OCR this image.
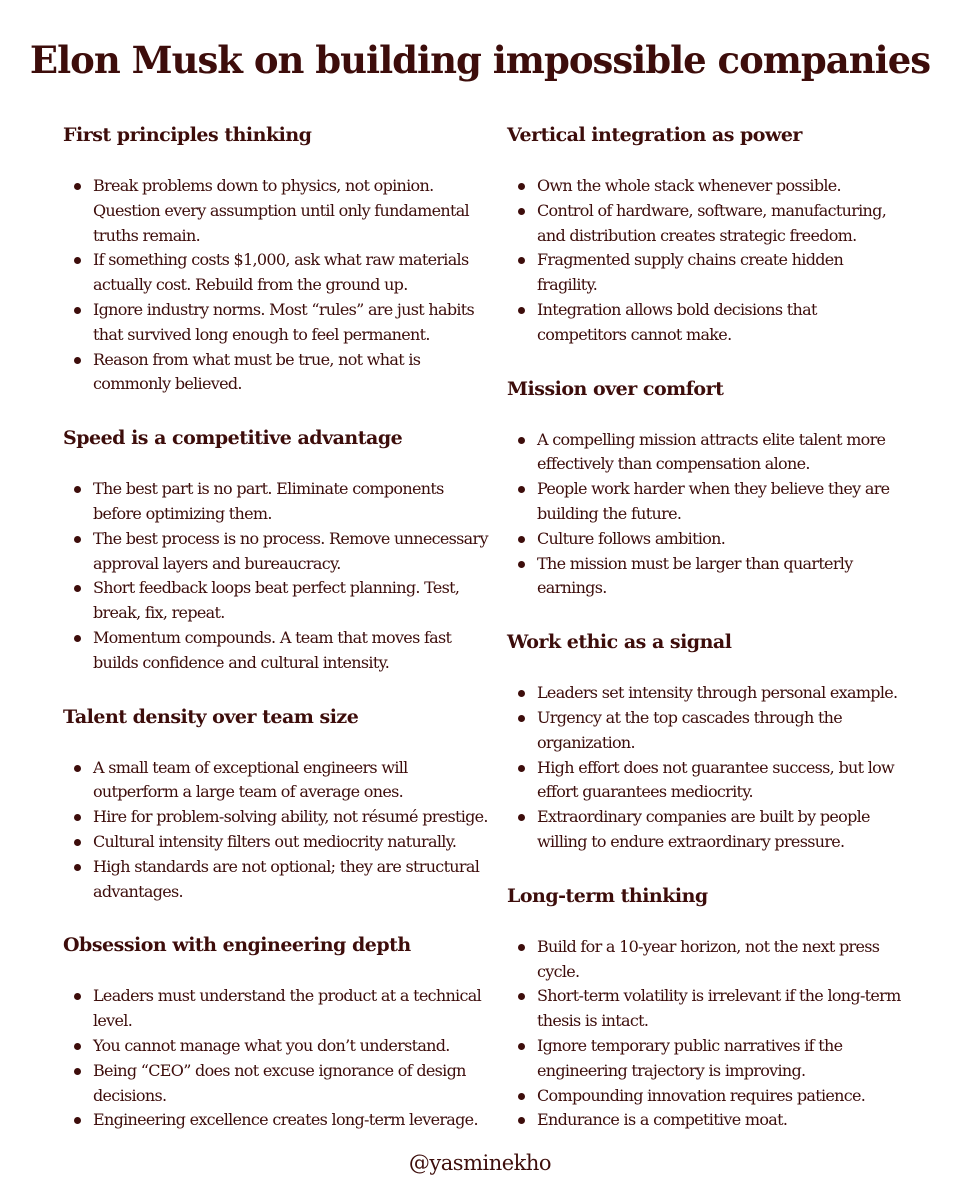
Elon Musk on building impossible companies
First principles thinking
Break problems down to physics, not opinion. Question every assumption until only fundamental truths remain.
If something costs $1,000, ask what raw materials actually cost. Rebuild from the ground up.
Ignore industry norms. Most “rules” are just habits that survived long enough to feel permanent.
Reason from what must be true, not what is commonly believed.
Speed is a competitive advantage
The best part is no part. Eliminate components before optimizing them.
The best process is no process. Remove unnecessary approval layers and bureaucracy.
Short feedback loops beat perfect planning. Test, break, fix, repeat.
Momentum compounds. A team that moves fast builds confidence and cultural intensity.
Talent density over team size
A small team of exceptional engineers will outperform a large team of average ones.
Hire for problem-solving ability, not résumé prestige.
Cultural intensity filters out mediocrity naturally.
High standards are not optional; they are structural advantages.
Obsession with engineering depth
Leaders must understand the product at a technical level.
You cannot manage what you don’t understand.
Being “CEO” does not excuse ignorance of design decisions.
Engineering excellence creates long-term leverage.
Vertical integration as power
Own the whole stack whenever possible.
Control of hardware, software, manufacturing, and distribution creates strategic freedom.
Fragmented supply chains create hidden fragility.
Integration allows bold decisions that competitors cannot make.
Mission over comfort
A compelling mission attracts elite talent more effectively than compensation alone.
People work harder when they believe they are building the future.
Culture follows ambition.
The mission must be larger than quarterly earnings.
Work ethic as a signal
Leaders set intensity through personal example.
Urgency at the top cascades through the organization.
High effort does not guarantee success, but low effort guarantees mediocrity.
Extraordinary companies are built by people willing to endure extraordinary pressure.
Long-term thinking
Build for a 10-year horizon, not the next press cycle.
Short-term volatility is irrelevant if the long-term thesis is intact.
Ignore temporary public narratives if the engineering trajectory is improving.
Compounding innovation requires patience.
Endurance is a competitive moat.
@yasminekho
